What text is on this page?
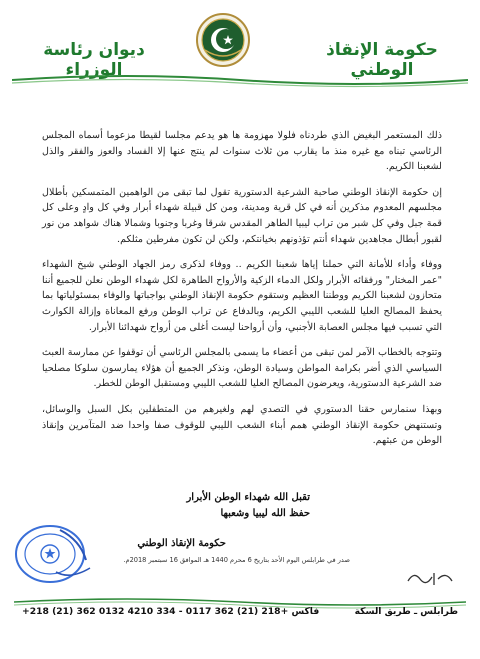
حكومة الإنقاذ الوطني
ديوان رئاسة الوزراء

ذلك المستعمر البغيض الذي طردناه فلولا مهزومة ها هو يدعم مجلسا لقيطا مزعوما أسماه المجلس الرئاسي تبناه مع غيره منذ ما يقارب من ثلاث سنوات لم ينتج عنها إلا الفساد والعوز والفقر والذل لشعبنا الكريم.

إن حكومة الإنقاذ الوطني صاحبة الشرعية الدستورية تقول لما تبقى من الواهمين المتمسكين بأطلال مجلسهم المعدوم مذكرين أنه في كل قرية ومدينة، ومن كل قبيلة شهداء أبرار وفي كل وادٍ وعلى كل قمة جبل وفي كل شبر من تراب ليبيا الطاهر المقدس شرقا وغربا وجنوبا وشمالا هناك شواهد من نور لقبور أبطال مجاهدين شهداء أنتم تؤذونهم بخيانتكم، ولكن لن تكون مفرطين مثلكم.

ووفاء وأداء للأمانة التي حملنا إياها شعبنا الكريم .. ووفاء لذكرى رمز الجهاد الوطني شيخ الشهداء "عمر المختار" ورفقائه الأبرار ولكل الدماء الزكية والأرواح الطاهرة لكل شهداء الوطن نعلن للجميع أننا متحازون لشعبنا الكريم ووطننا العظيم وستقوم حكومة الإنقاذ الوطني بواجباتها والوفاء بمسئولياتها بما يحفظ المصالح العليا للشعب الليبي الكريم، وبالدفاع عن تراب الوطن ورفع المعاناة وإزالة الكوارث التي تسبب فيها مجلس العصابة الأجنبي، وأن أرواحنا ليست أغلى من أرواح شهدائنا الأبرار.

وتتوجه بالخطاب الآمر لمن تبقى من أعضاء ما يسمى بالمجلس الرئاسي أن توقفوا عن ممارسة العبث السياسي الذي أضر بكرامة المواطن وسيادة الوطن، ونذكر الجميع أن هؤلاء يمارسون سلوكا مصلحيا ضد الشرعية الدستورية، ويعرضون المصالح العليا للشعب الليبي ومستقبل الوطن للخطر.

وبهذا سنمارس حقنا الدستوري في التصدي لهم ولغيرهم من المتطفلين بكل السبل والوسائل، وتستنهض حكومة الإنقاذ الوطني همم أبناء الشعب الليبي للوقوف صفا واحدا ضد المتآمرين وإنقاذ الوطن من عبثهم.

تقبل الله شهداء الوطن الأبرار
حفظ الله ليبيا وشعبها
حكومة الإنقاذ الوطني
صدر في طرابلس اليوم الأحد بتاريخ 6 محرم 1440 هـ الموافق 16 سبتمبر 2018م.
+218 (21) 362 0132 فاكس +218 (21) 362 0117 - 334 4210	طرابلس ـ طريق السكة
